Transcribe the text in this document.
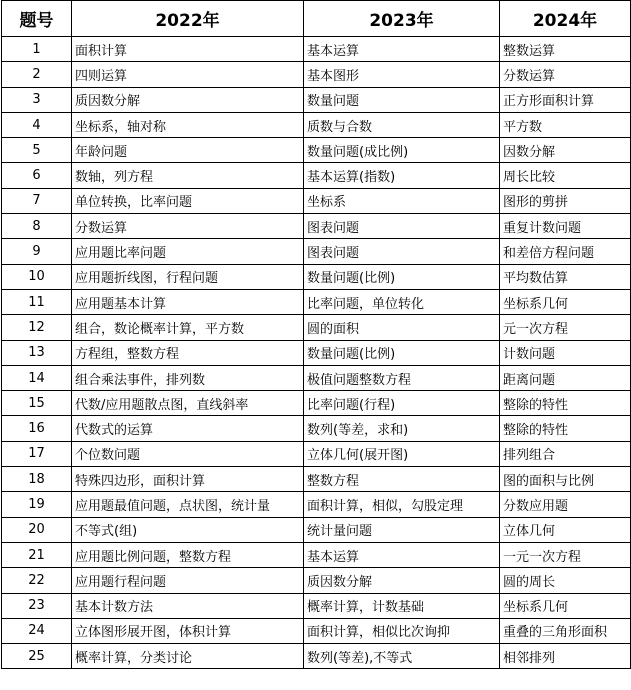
题号	2022年	2023年	2024年
1	面积计算	基本运算	整数运算
2	四则运算	基本图形	分数运算
3	质因数分解	数量问题	正方形面积计算
4	坐标系，轴对称	质数与合数	平方数
5	年龄问题	数量问题(成比例)	因数分解
6	数轴，列方程	基本运算(指数)	周长比较
7	单位转换，比率问题	坐标系	图形的剪拼
8	分数运算	图表问题	重复计数问题
9	应用题比率问题	图表问题	和差倍方程问题
10	应用题折线图，行程问题	数量问题(比例)	平均数估算
11	应用题基本计算	比率问题，单位转化	坐标系几何
12	组合，数论概率计算，平方数	圆的面积	元一次方程
13	方程组，整数方程	数量问题(比例)	计数问题
14	组合乘法事件，排列数	极值问题整数方程	距离问题
15	代数/应用题散点图，直线斜率	比率问题(行程)	整除的特性
16	代数式的运算	数列(等差，求和)	整除的特性
17	个位数问题	立体几何(展开图)	排列组合
18	特殊四边形，面积计算	整数方程	图的面积与比例
19	应用题最值问题，点状图，统计量	面积计算，相似，勾股定理	分数应用题
20	不等式(组)	统计量问题	立体几何
21	应用题比例问题，整数方程	基本运算	一元一次方程
22	应用题行程问题	质因数分解	圆的周长
23	基本计数方法	概率计算，计数基础	坐标系几何
24	立体图形展开图，体积计算	面积计算，相似比次询抑	重叠的三角形面积
25	概率计算，分类讨论	数列(等差),不等式	相邻排列
